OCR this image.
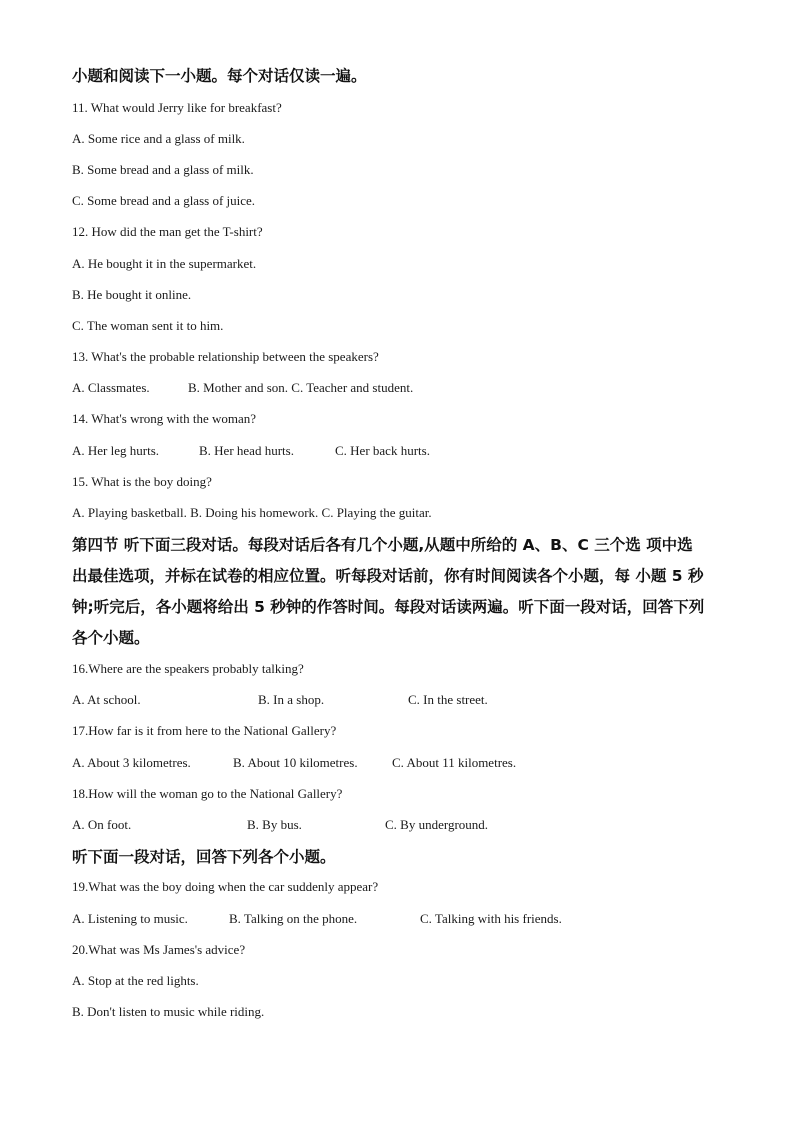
小题和阅读下一小题。每个对话仅读一遍。
11. What would Jerry like for breakfast?
A. Some rice and a glass of milk.
B. Some bread and a glass of milk.
C. Some bread and a glass of juice.
12. How did the man get the T-shirt?
A. He bought it in the supermarket.
B. He bought it online.
C. The woman sent it to him.
13. What's the probable relationship between the speakers?
A. Classmates.	B. Mother and son. C. Teacher and student.
14. What's wrong with the woman?
A. Her leg hurts.	B. Her head hurts.	C. Her back hurts.
15. What is the boy doing?
A. Playing basketball. B. Doing his homework. C. Playing the guitar.
第四节 听下面三段对话。每段对话后各有几个小题,从题中所给的 A、B、C 三个选 项中选
出最佳选项，并标在试卷的相应位置。听每段对话前，你有时间阅读各个小题，每 小题 5 秒
钟;听完后，各小题将给出 5 秒钟的作答时间。每段对话读两遍。听下面一段对话，回答下列
各个小题。
16.Where are the speakers probably talking?
A. At school.	B. In a shop.	C. In the street.
17.How far is it from here to the National Gallery?
A. About 3 kilometres.	B. About 10 kilometres.	C. About 11 kilometres.
18.How will the woman go to the National Gallery?
A. On foot.	B. By bus.	C. By underground.
听下面一段对话，回答下列各个小题。
19.What was the boy doing when the car suddenly appear?
A. Listening to music.	B. Talking on the phone.	C. Talking with his friends.
20.What was Ms James's advice?
A. Stop at the red lights.
B. Don't listen to music while riding.
